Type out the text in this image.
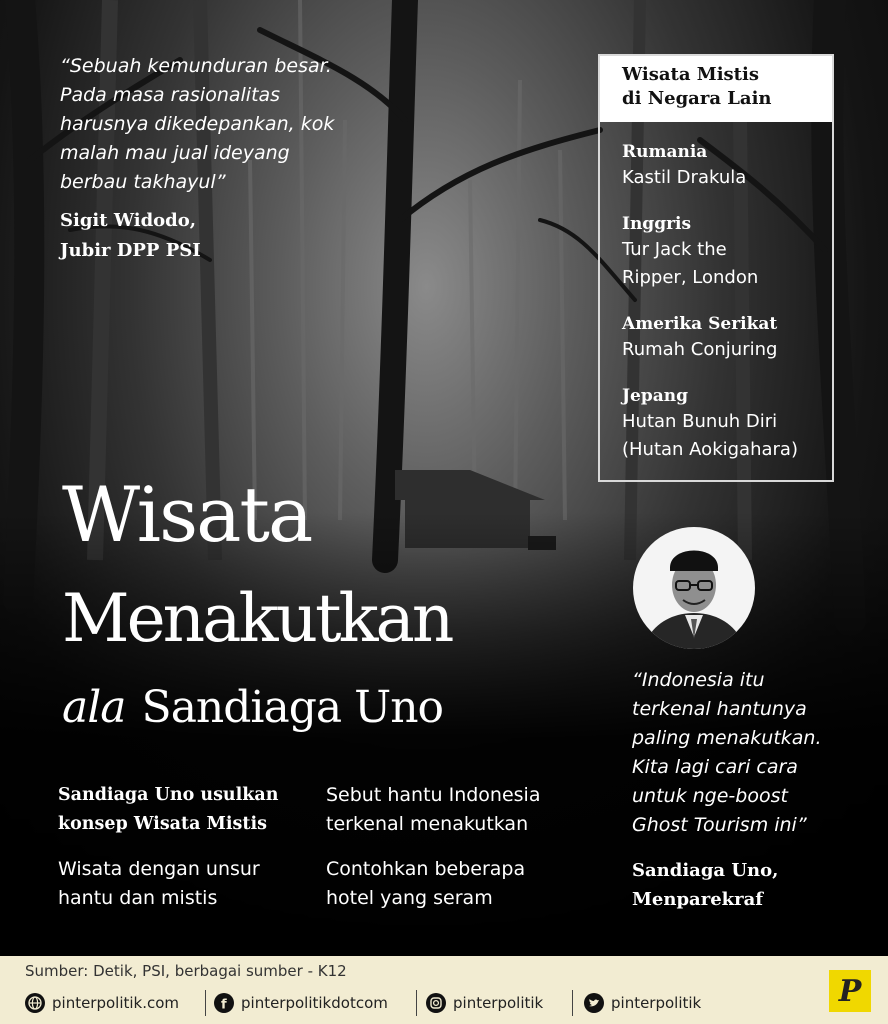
“Sebuah kemunduran besar.
Pada masa rasionalitas
harusnya dikedepankan, kok
malah mau jual ideyang
berbau takhayul”
Sigit Widodo,
Jubir DPP PSI
Wisata Mistis
di Negara Lain
Rumania
Kastil Drakula
Inggris
Tur Jack the
Ripper, London
Amerika Serikat
Rumah Conjuring
Jepang
Hutan Bunuh Diri
(Hutan Aokigahara)
Wisata
Menakutkan
ala Sandiaga Uno
Sandiaga Uno usulkan
konsep Wisata Mistis
Sebut hantu Indonesia
terkenal menakutkan
Wisata dengan unsur
hantu dan mistis
Contohkan beberapa
hotel yang seram
“Indonesia itu
terkenal hantunya
paling menakutkan.
Kita lagi cari cara
untuk nge-boost
Ghost Tourism ini”
Sandiaga Uno,
Menparekraf
Sumber: Detik, PSI, berbagai sumber - K12
pinterpolitik.com	f pinterpolitikdotcom	pinterpolitik	pinterpolitik	P
